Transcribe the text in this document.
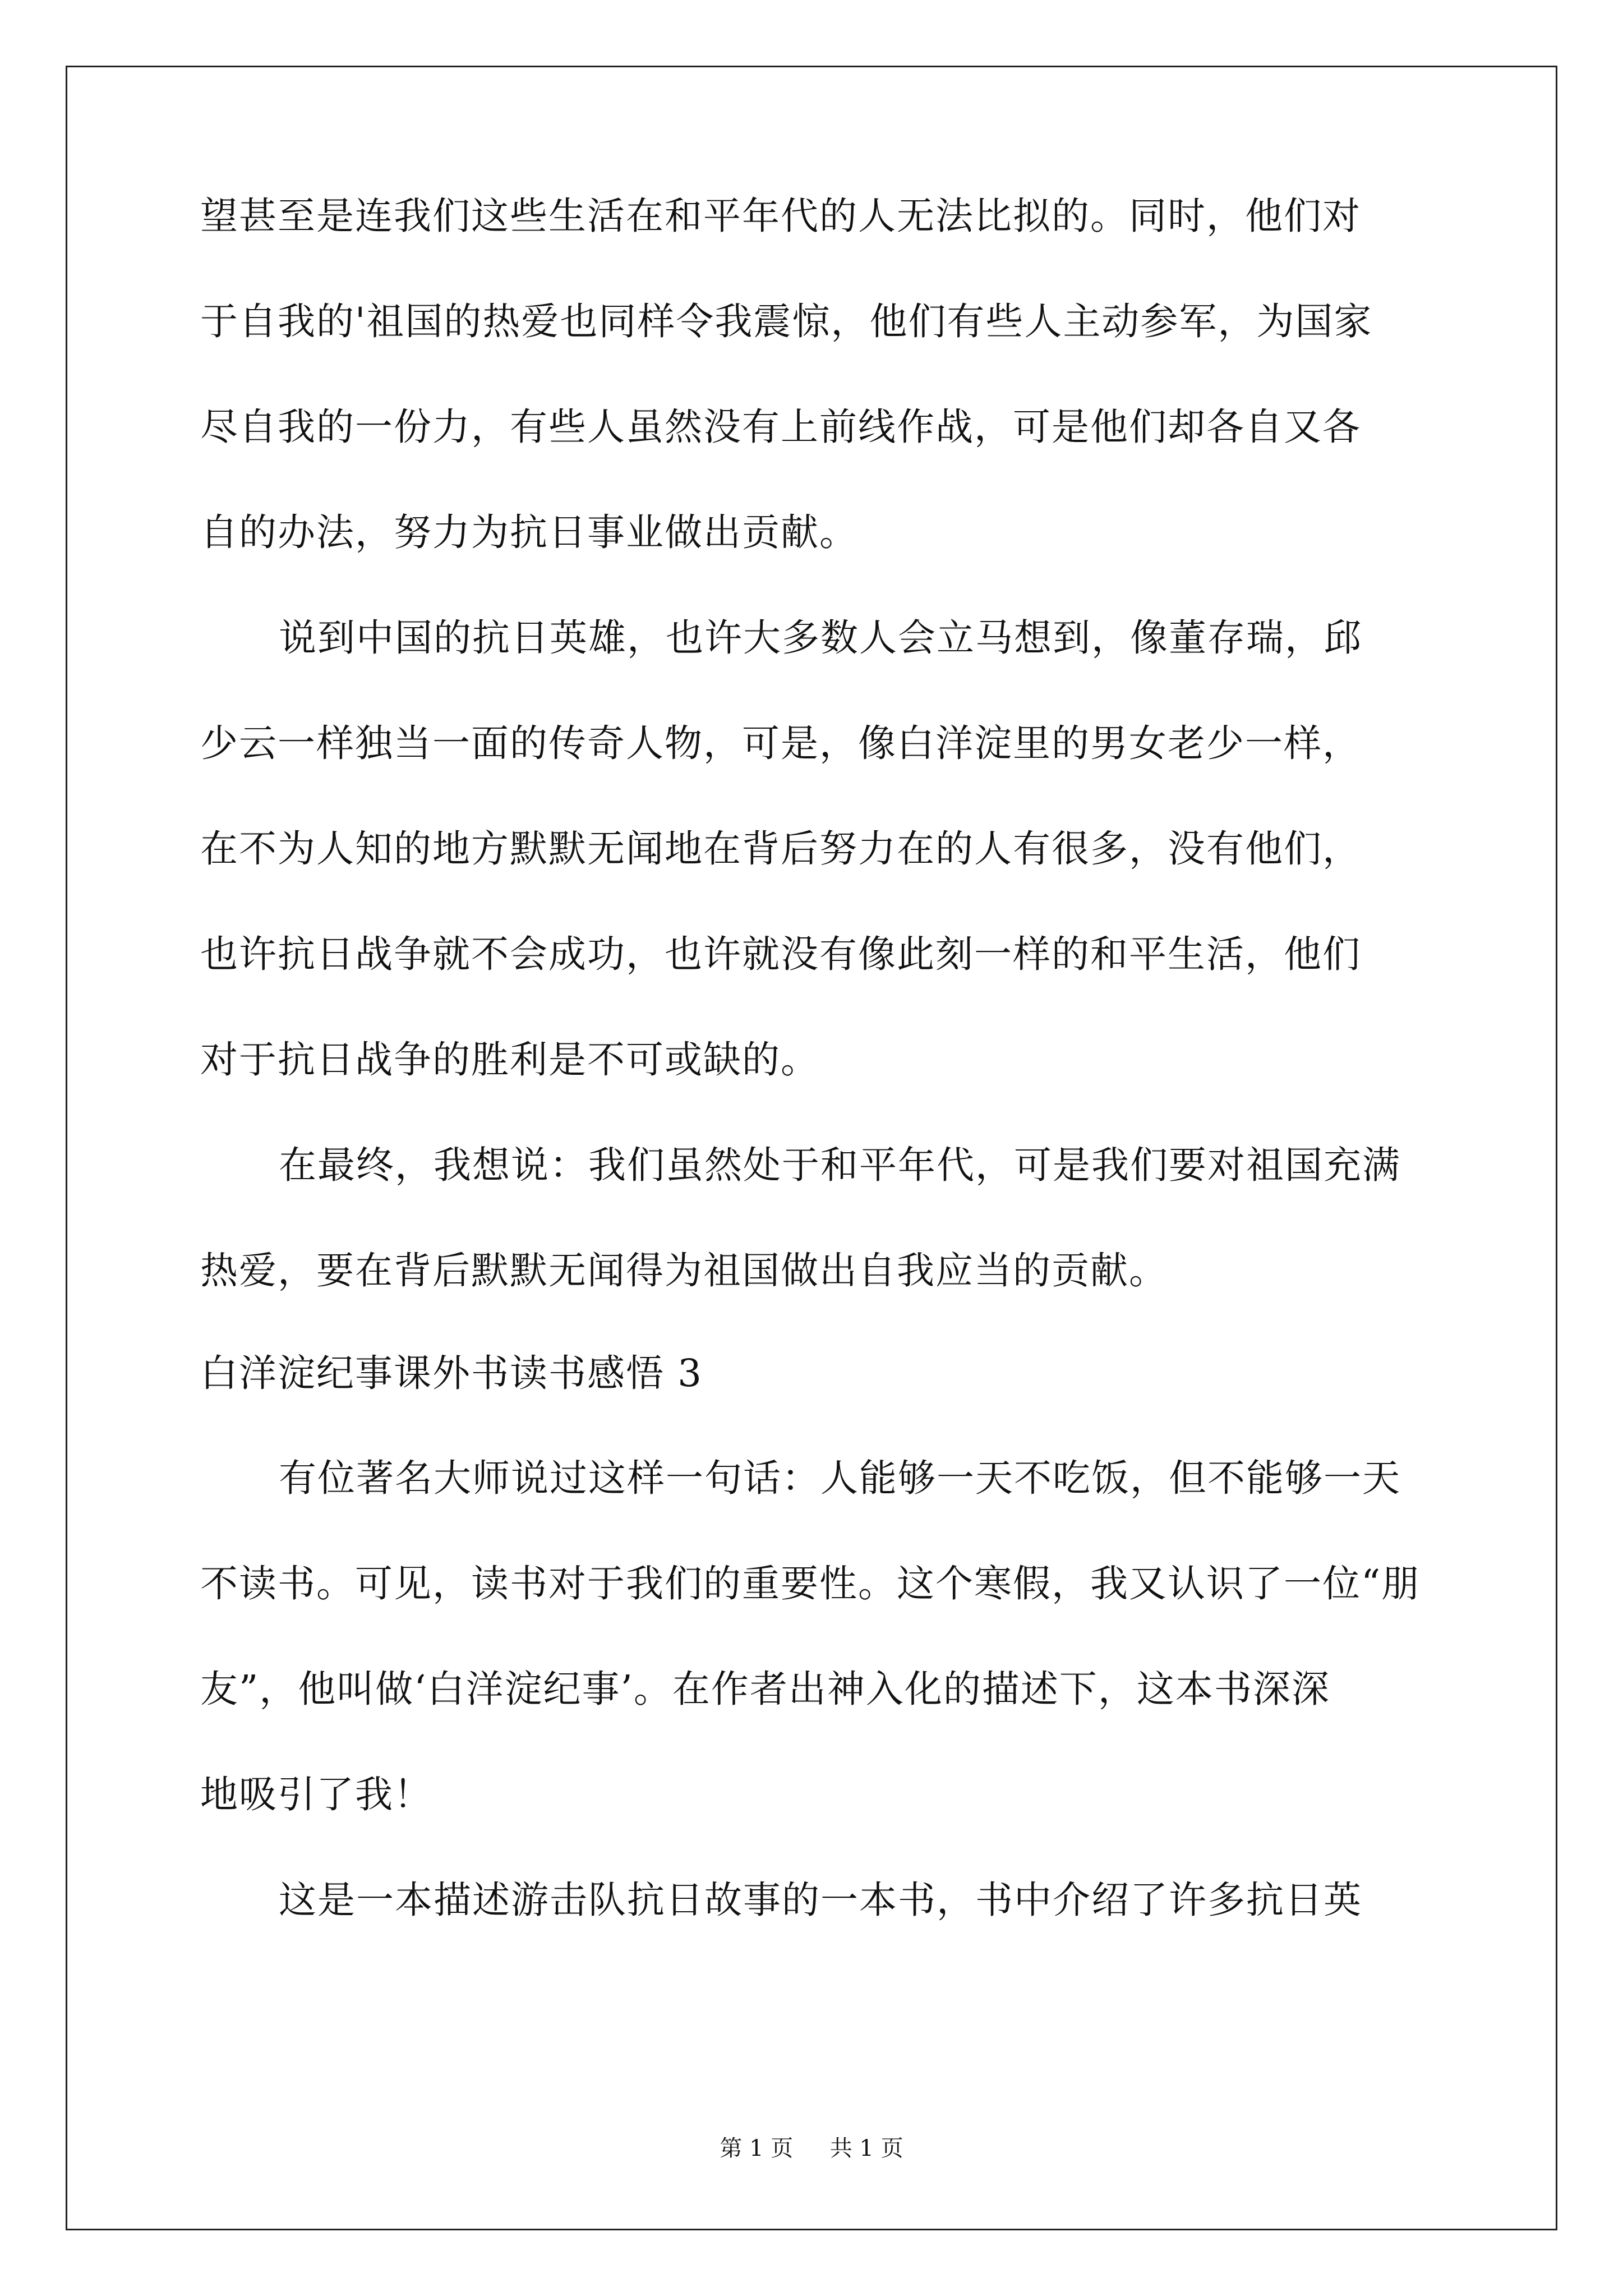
望甚至是连我们这些生活在和平年代的人无法比拟的。同时，他们对
于自我的'祖国的热爱也同样令我震惊，他们有些人主动参军，为国家
尽自我的一份力，有些人虽然没有上前线作战，可是他们却各自又各
自的办法，努力为抗日事业做出贡献。
说到中国的抗日英雄，也许大多数人会立马想到，像董存瑞，邱
少云一样独当一面的传奇人物，可是，像白洋淀里的男女老少一样，
在不为人知的地方默默无闻地在背后努力在的人有很多，没有他们，
也许抗日战争就不会成功，也许就没有像此刻一样的和平生活，他们
对于抗日战争的胜利是不可或缺的。
在最终，我想说：我们虽然处于和平年代，可是我们要对祖国充满
热爱，要在背后默默无闻得为祖国做出自我应当的贡献。
白洋淀纪事课外书读书感悟 3
有位著名大师说过这样一句话：人能够一天不吃饭，但不能够一天
不读书。可见，读书对于我们的重要性。这个寒假，我又认识了一位“朋
友”，他叫做‘白洋淀纪事’。在作者出神入化的描述下，这本书深深
地吸引了我！
这是一本描述游击队抗日故事的一本书，书中介绍了许多抗日英
第 1 页 共 1 页
